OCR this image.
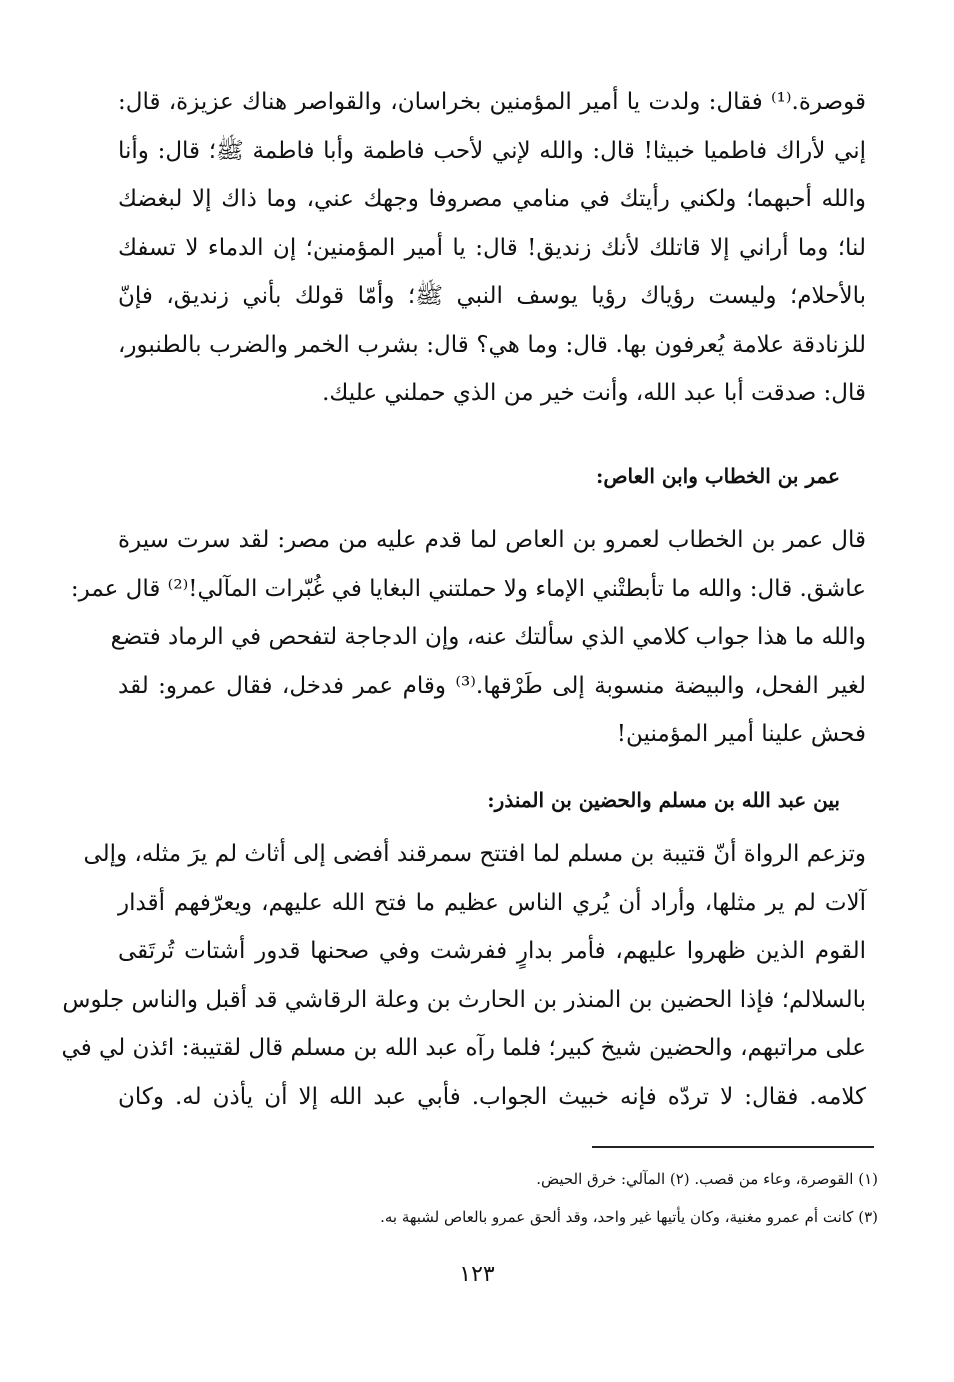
قوصرة.⁽¹⁾ فقال: ولدت يا أمير المؤمنين بخراسان، والقواصر هناك عزيزة، قال:
إني لأراك فاطميا خبيثا! قال: والله لإني لأحب فاطمة وأبا فاطمة ﷺ؛ قال: وأنا
والله أحبهما؛ ولكني رأيتك في منامي مصروفا وجهك عني، وما ذاك إلا لبغضك
لنا؛ وما أراني إلا قاتلك لأنك زنديق! قال: يا أمير المؤمنين؛ إن الدماء لا تسفك
بالأحلام؛ وليست رؤياك رؤيا يوسف النبي ﷺ؛ وأمّا قولك بأني زنديق، فإنّ
للزنادقة علامة يُعرفون بها. قال: وما هي؟ قال: بشرب الخمر والضرب بالطنبور،
قال: صدقت أبا عبد الله، وأنت خير من الذي حملني عليك.
عمر بن الخطاب وابن العاص:
قال عمر بن الخطاب لعمرو بن العاص لما قدم عليه من مصر: لقد سرت سيرة
عاشق. قال: والله ما تأبطتْني الإماء ولا حملتني البغايا في غُبّرات المآلي!⁽²⁾ قال عمر:
والله ما هذا جواب كلامي الذي سألتك عنه، وإن الدجاجة لتفحص في الرماد فتضع
لغير الفحل، والبيضة منسوبة إلى طَرْقها.⁽³⁾ وقام عمر فدخل، فقال عمرو: لقد
فحش علينا أمير المؤمنين!
بين عبد الله بن مسلم والحضين بن المنذر:
وتزعم الرواة أنّ قتيبة بن مسلم لما افتتح سمرقند أفضى إلى أثاث لم يرَ مثله، وإلى
آلات لم ير مثلها، وأراد أن يُري الناس عظيم ما فتح الله عليهم، ويعرّفهم أقدار
القوم الذين ظهروا عليهم، فأمر بدارٍ ففرشت وفي صحنها قدور أشتات تُرتَقى
بالسلالم؛ فإذا الحضين بن المنذر بن الحارث بن وعلة الرقاشي قد أقبل والناس جلوس
على مراتبهم، والحضين شيخ كبير؛ فلما رآه عبد الله بن مسلم قال لقتيبة: ائذن لي في
كلامه. فقال: لا تردّه فإنه خبيث الجواب. فأبي عبد الله إلا أن يأذن له. وكان
(١) القوصرة، وعاء من قصب. (٢) المآلي: خرق الحيض.
(٣) كانت أم عمرو مغنية، وكان يأتيها غير واحد، وقد ألحق عمرو بالعاص لشبهة به.
١٢٣
